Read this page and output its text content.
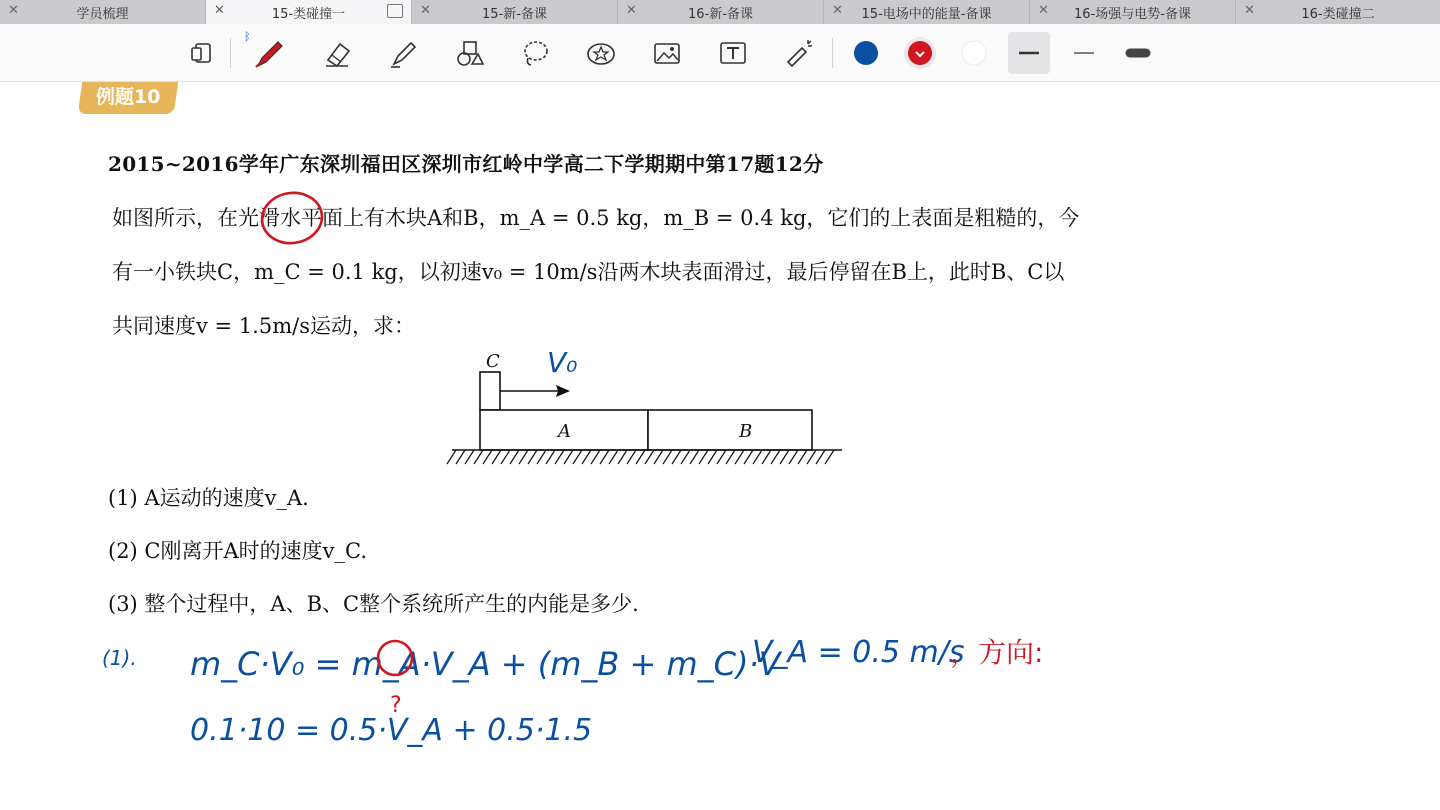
✕	学员梳理	✕	15-类碰撞一	✕	15-新-备课	✕	16-新-备课	✕	15-电场中的能量-备课	✕	16-场强与电势-备课	✕	16-类碰撞二
ᛒ
例题10
2015~2016学年广东深圳福田区深圳市红岭中学高二下学期期中第17题12分
如图所示，在光滑水平面上有木块A和B，m_A = 0.5 kg，m_B = 0.4 kg，它们的上表面是粗糙的，今
有一小铁块C，m_C = 0.1 kg，以初速v₀ = 10m/s沿两木块表面滑过，最后停留在B上，此时B、C以
共同速度v = 1.5m/s运动，求：
C
A	B
(1) A运动的速度v_A.
(2) C刚离开A时的速度v_C.
(3) 整个过程中，A、B、C整个系统所产生的内能是多少.
V₀
(1). m_C·V₀ = m_A·V_A + (m_B + m_C)·V
0.1·10 = 0.5·V_A + 0.5·1.5
?
V_A = 0.5 m/s
，方向:
